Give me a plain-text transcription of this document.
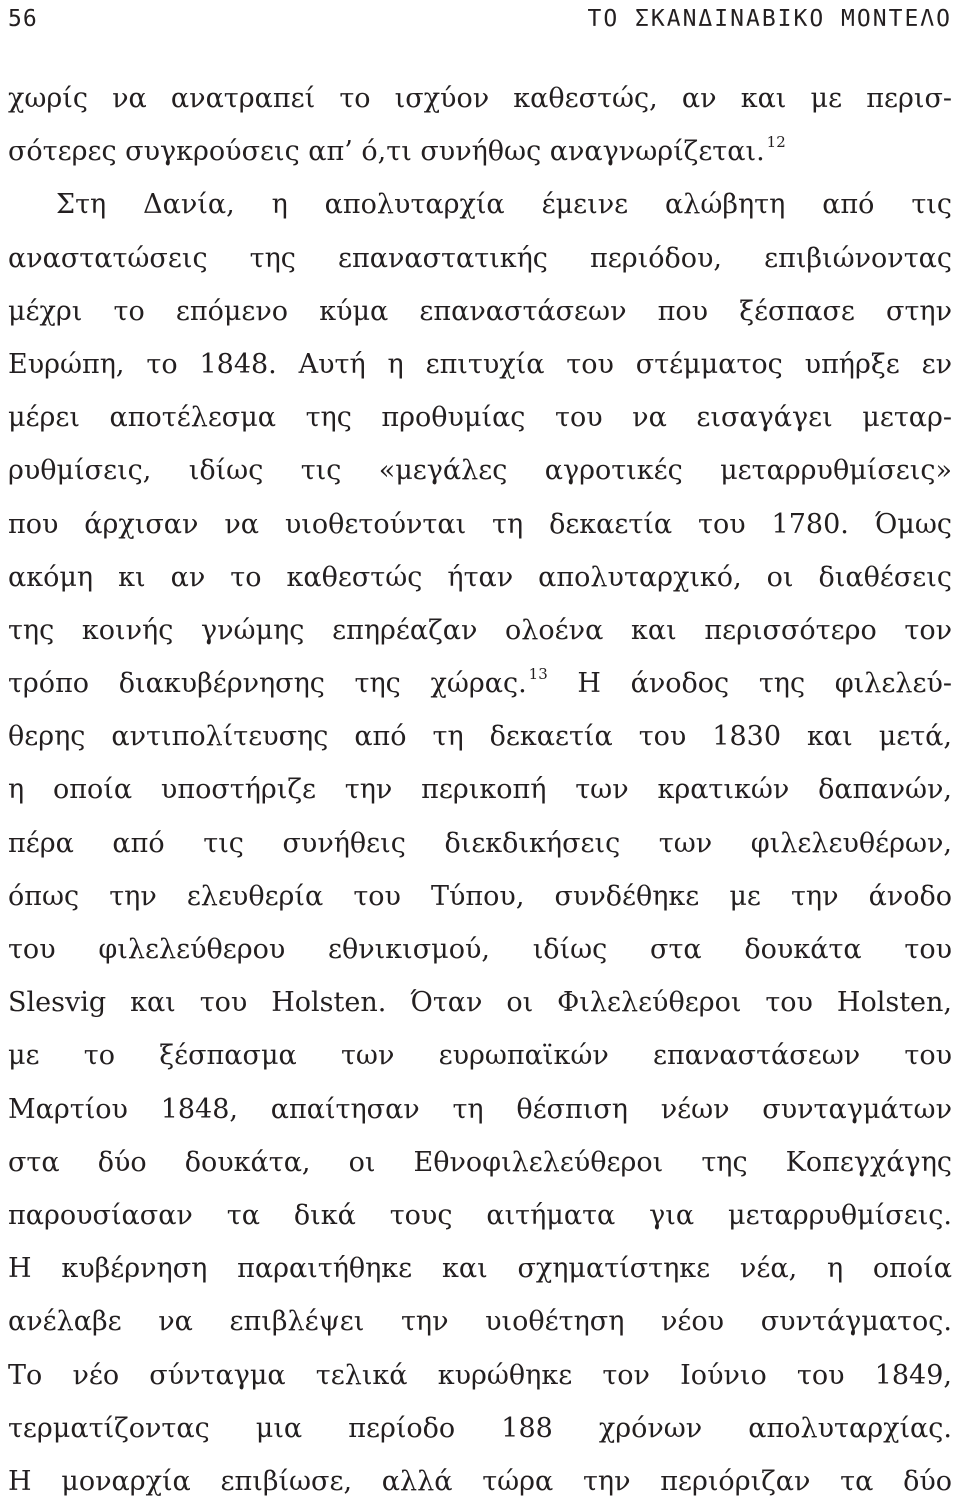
56	ΤΟ ΣΚΑΝΔΙΝΑΒΙΚΟ ΜΟΝΤΕΛΟ
χωρίς να ανατραπεί το ισχύον καθεστώς, αν και με περισ-
σότερες συγκρούσεις απ’ ό,τι συνήθως αναγνωρίζεται. $^{12}$
Στη Δανία, η απολυταρχία έμεινε αλώβητη από τις
αναστατώσεις της επαναστατικής περιόδου, επιβιώνοντας
μέχρι το επόμενο κύμα επαναστάσεων που ξέσπασε στην
Ευρώπη, το 1848. Αυτή η επιτυχία του στέμματος υπήρξε εν
μέρει αποτέλεσμα της προθυμίας του να εισαγάγει μεταρ-
ρυθμίσεις, ιδίως τις «μεγάλες αγροτικές μεταρρυθμίσεις»
που άρχισαν να υιοθετούνται τη δεκαετία του 1780. Όμως
ακόμη κι αν το καθεστώς ήταν απολυταρχικό, οι διαθέσεις
της κοινής γνώμης επηρέαζαν ολοένα και περισσότερο τον
τρόπο διακυβέρνησης της χώρας. $^{13}$ Η άνοδος της φιλελεύ-
θερης αντιπολίτευσης από τη δεκαετία του 1830 και μετά,
η οποία υποστήριζε την περικοπή των κρατικών δαπανών,
πέρα από τις συνήθεις διεκδικήσεις των φιλελευθέρων,
όπως την ελευθερία του Τύπου, συνδέθηκε με την άνοδο
του φιλελεύθερου εθνικισμού, ιδίως στα δουκάτα του
Slesvig και του Holsten. Όταν οι Φιλελεύθεροι του Holsten,
με το ξέσπασμα των ευρωπαϊκών επαναστάσεων του
Μαρτίου 1848, απαίτησαν τη θέσπιση νέων συνταγμάτων
στα δύο δουκάτα, οι Εθνοφιλελεύθεροι της Κοπεγχάγης
παρουσίασαν τα δικά τους αιτήματα για μεταρρυθμίσεις.
Η κυβέρνηση παραιτήθηκε και σχηματίστηκε νέα, η οποία
ανέλαβε να επιβλέψει την υιοθέτηση νέου συντάγματος.
Το νέο σύνταγμα τελικά κυρώθηκε τον Ιούνιο του 1849,
τερματίζοντας μια περίοδο 188 χρόνων απολυταρχίας.
Η μοναρχία επιβίωσε, αλλά τώρα την περιόριζαν τα δύο
